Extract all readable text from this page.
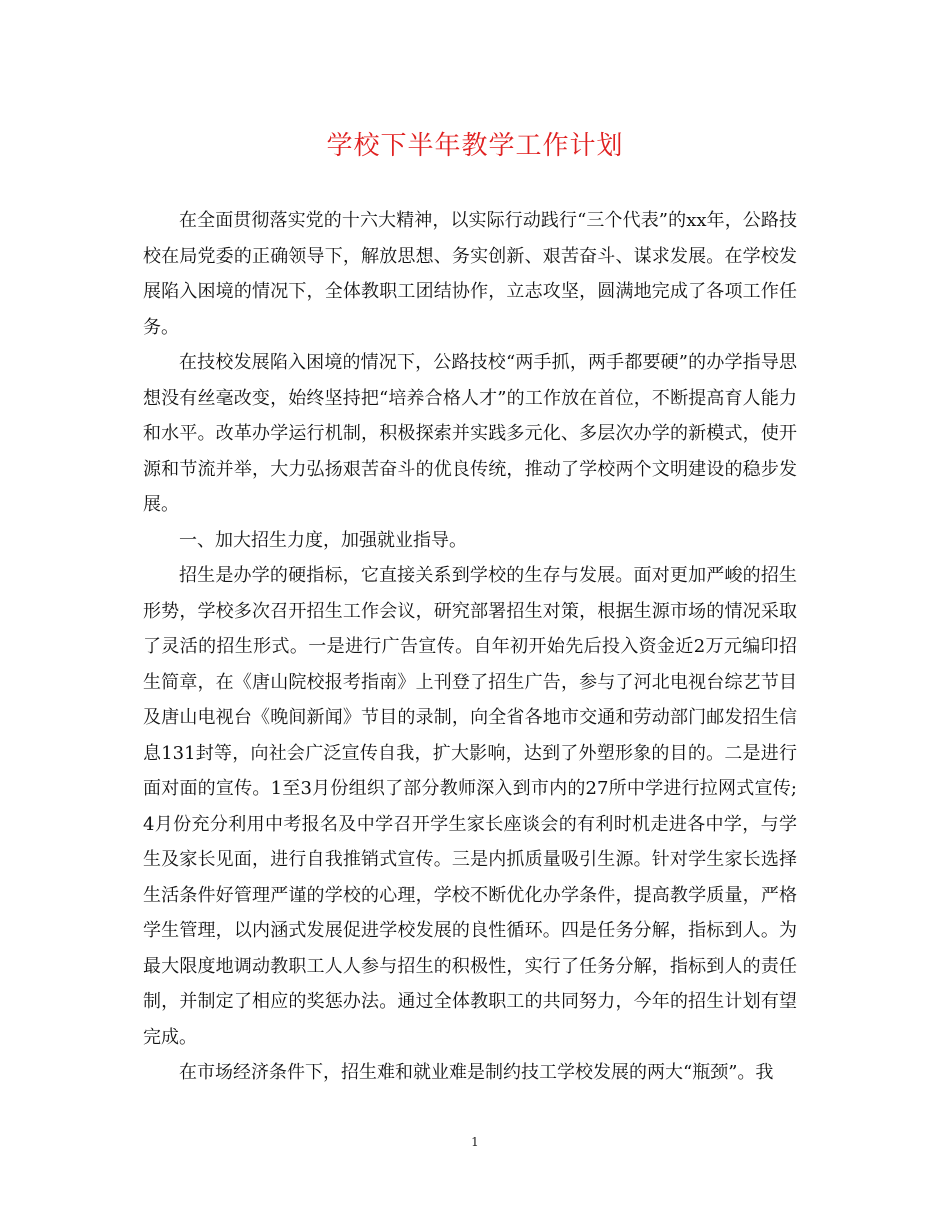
学校下半年教学工作计划

在全面贯彻落实党的十六大精神，以实际行动践行“三个代表”的xx年，公路技校在局党委的正确领导下，解放思想、务实创新、艰苦奋斗、谋求发展。在学校发展陷入困境的情况下，全体教职工团结协作，立志攻坚，圆满地完成了各项工作任务。

在技校发展陷入困境的情况下，公路技校“两手抓，两手都要硬”的办学指导思想没有丝毫改变，始终坚持把“培养合格人才”的工作放在首位，不断提高育人能力和水平。改革办学运行机制，积极探索并实践多元化、多层次办学的新模式，使开源和节流并举，大力弘扬艰苦奋斗的优良传统，推动了学校两个文明建设的稳步发展。

一、加大招生力度，加强就业指导。

招生是办学的硬指标，它直接关系到学校的生存与发展。面对更加严峻的招生形势，学校多次召开招生工作会议，研究部署招生对策，根据生源市场的情况采取了灵活的招生形式。一是进行广告宣传。自年初开始先后投入资金近2万元编印招生简章，在《唐山院校报考指南》上刊登了招生广告，参与了河北电视台综艺节目及唐山电视台《晚间新闻》节目的录制，向全省各地市交通和劳动部门邮发招生信息131封等，向社会广泛宣传自我，扩大影响，达到了外塑形象的目的。二是进行面对面的宣传。1至3月份组织了部分教师深入到市内的27所中学进行拉网式宣传;4月份充分利用中考报名及中学召开学生家长座谈会的有利时机走进各中学，与学生及家长见面，进行自我推销式宣传。三是内抓质量吸引生源。针对学生家长选择生活条件好管理严谨的学校的心理，学校不断优化办学条件，提高教学质量，严格学生管理，以内涵式发展促进学校发展的良性循环。四是任务分解，指标到人。为最大限度地调动教职工人人参与招生的积极性，实行了任务分解，指标到人的责任制，并制定了相应的奖惩办法。通过全体教职工的共同努力，今年的招生计划有望完成。

在市场经济条件下，招生难和就业难是制约技工学校发展的两大“瓶颈”。我

1
